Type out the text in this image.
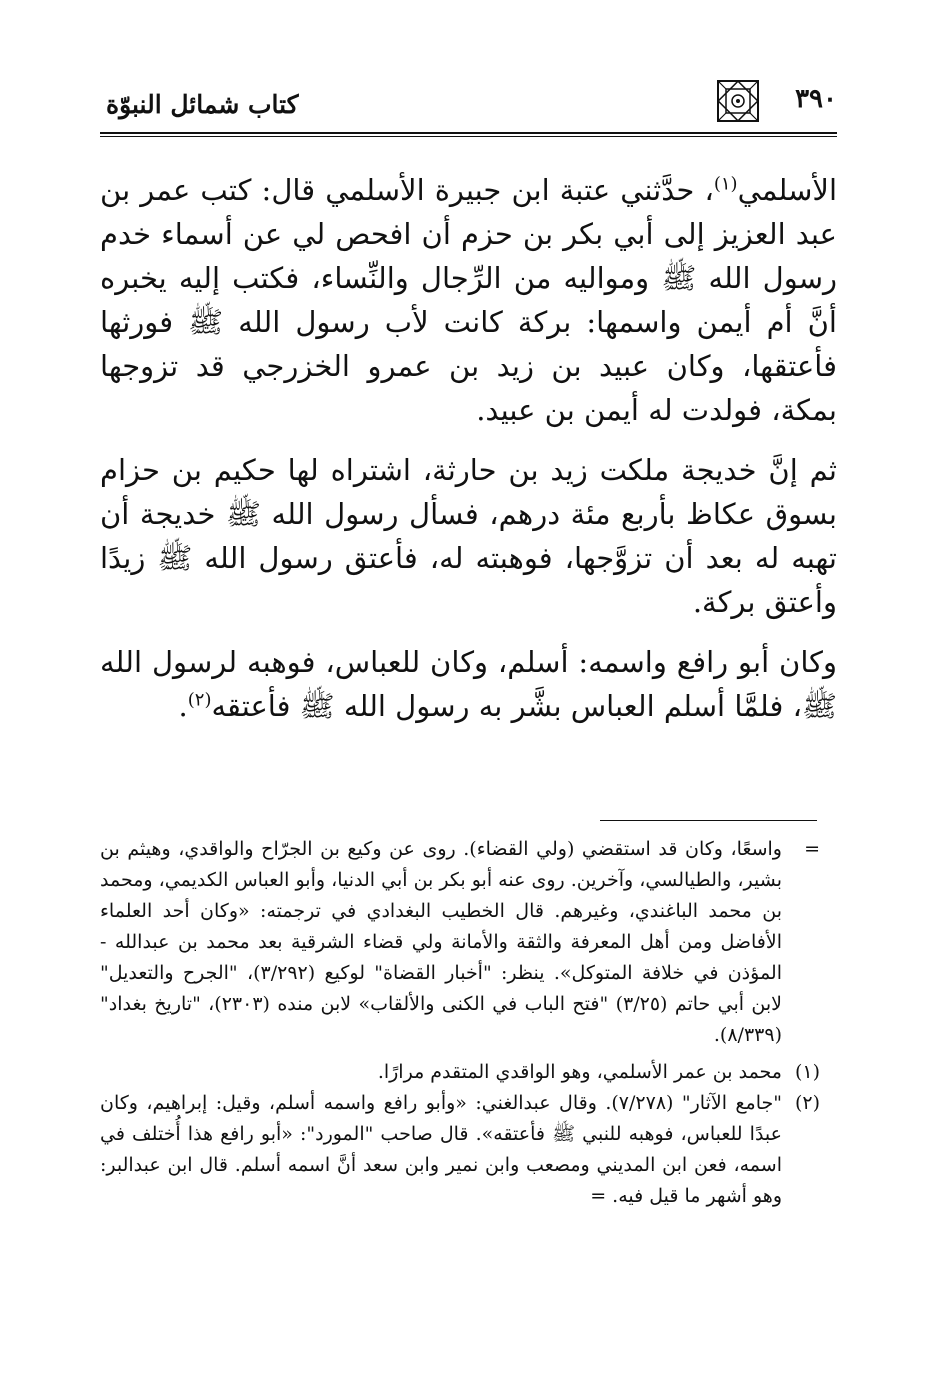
٣٩٠
كتاب شمائل النبوّة

الأسلمي$^{(١)}$، حدَّثني عتبة ابن جبيرة الأسلمي قال: كتب عمر بن عبد العزيز إلى أبي بكر بن حزم أن افحص لي عن أسماء خدم رسول الله ﷺ ومواليه من الرِّجال والنِّساء، فكتب إليه يخبره أنَّ أم أيمن واسمها: بركة كانت لأب رسول الله ﷺ فورثها فأعتقها، وكان عبيد بن زيد بن عمرو الخزرجي قد تزوجها بمكة، فولدت له أيمن بن عبيد.

ثم إنَّ خديجة ملكت زيد بن حارثة، اشتراه لها حكيم بن حزام بسوق عكاظ بأربع مئة درهم، فسأل رسول الله ﷺ خديجة أن تهبه له بعد أن تزوَّجها، فوهبته له، فأعتق رسول الله ﷺ زيدًا وأعتق بركة.

وكان أبو رافع واسمه: أسلم، وكان للعباس، فوهبه لرسول الله ﷺ، فلمَّا أسلم العباس بشَّر به رسول الله ﷺ فأعتقه$^{(٢)}$.

=
واسعًا، وكان قد استقضي (ولي القضاء). روى عن وكيع بن الجرّاح والواقدي، وهيثم بن بشير، والطيالسي، وآخرين. روى عنه أبو بكر بن أبي الدنيا، وأبو العباس الكديمي، ومحمد بن محمد الباغندي، وغيرهم. قال الخطيب البغدادي في ترجمته: «وكان أحد العلماء الأفاضل ومن أهل المعرفة والثقة والأمانة ولي قضاء الشرقية بعد محمد بن عبدالله - المؤذن في خلافة المتوكل». ينظر: "أخبار القضاة" لوكيع (٣/٢٩٢)، "الجرح والتعديل" لابن أبي حاتم (٣/٢٥) "فتح الباب في الكنى والألقاب» لابن منده (٢٣٠٣)، "تاريخ بغداد" (٨/٣٣٩).
(١)
محمد بن عمر الأسلمي، وهو الواقدي المتقدم مرارًا.
(٢)
"جامع الآثار" (٧/٢٧٨). وقال عبدالغني: «وأبو رافع واسمه أسلم، وقيل: إبراهيم، وكان عبدًا للعباس، فوهبه للنبي ﷺ فأعتقه». قال صاحب "المورد": «أبو رافع هذا أُختلف في اسمه، فعن ابن المديني ومصعب وابن نمير وابن سعد أنَّ اسمه أسلم. قال ابن عبدالبر: وهو أشهر ما قيل فيه. =
